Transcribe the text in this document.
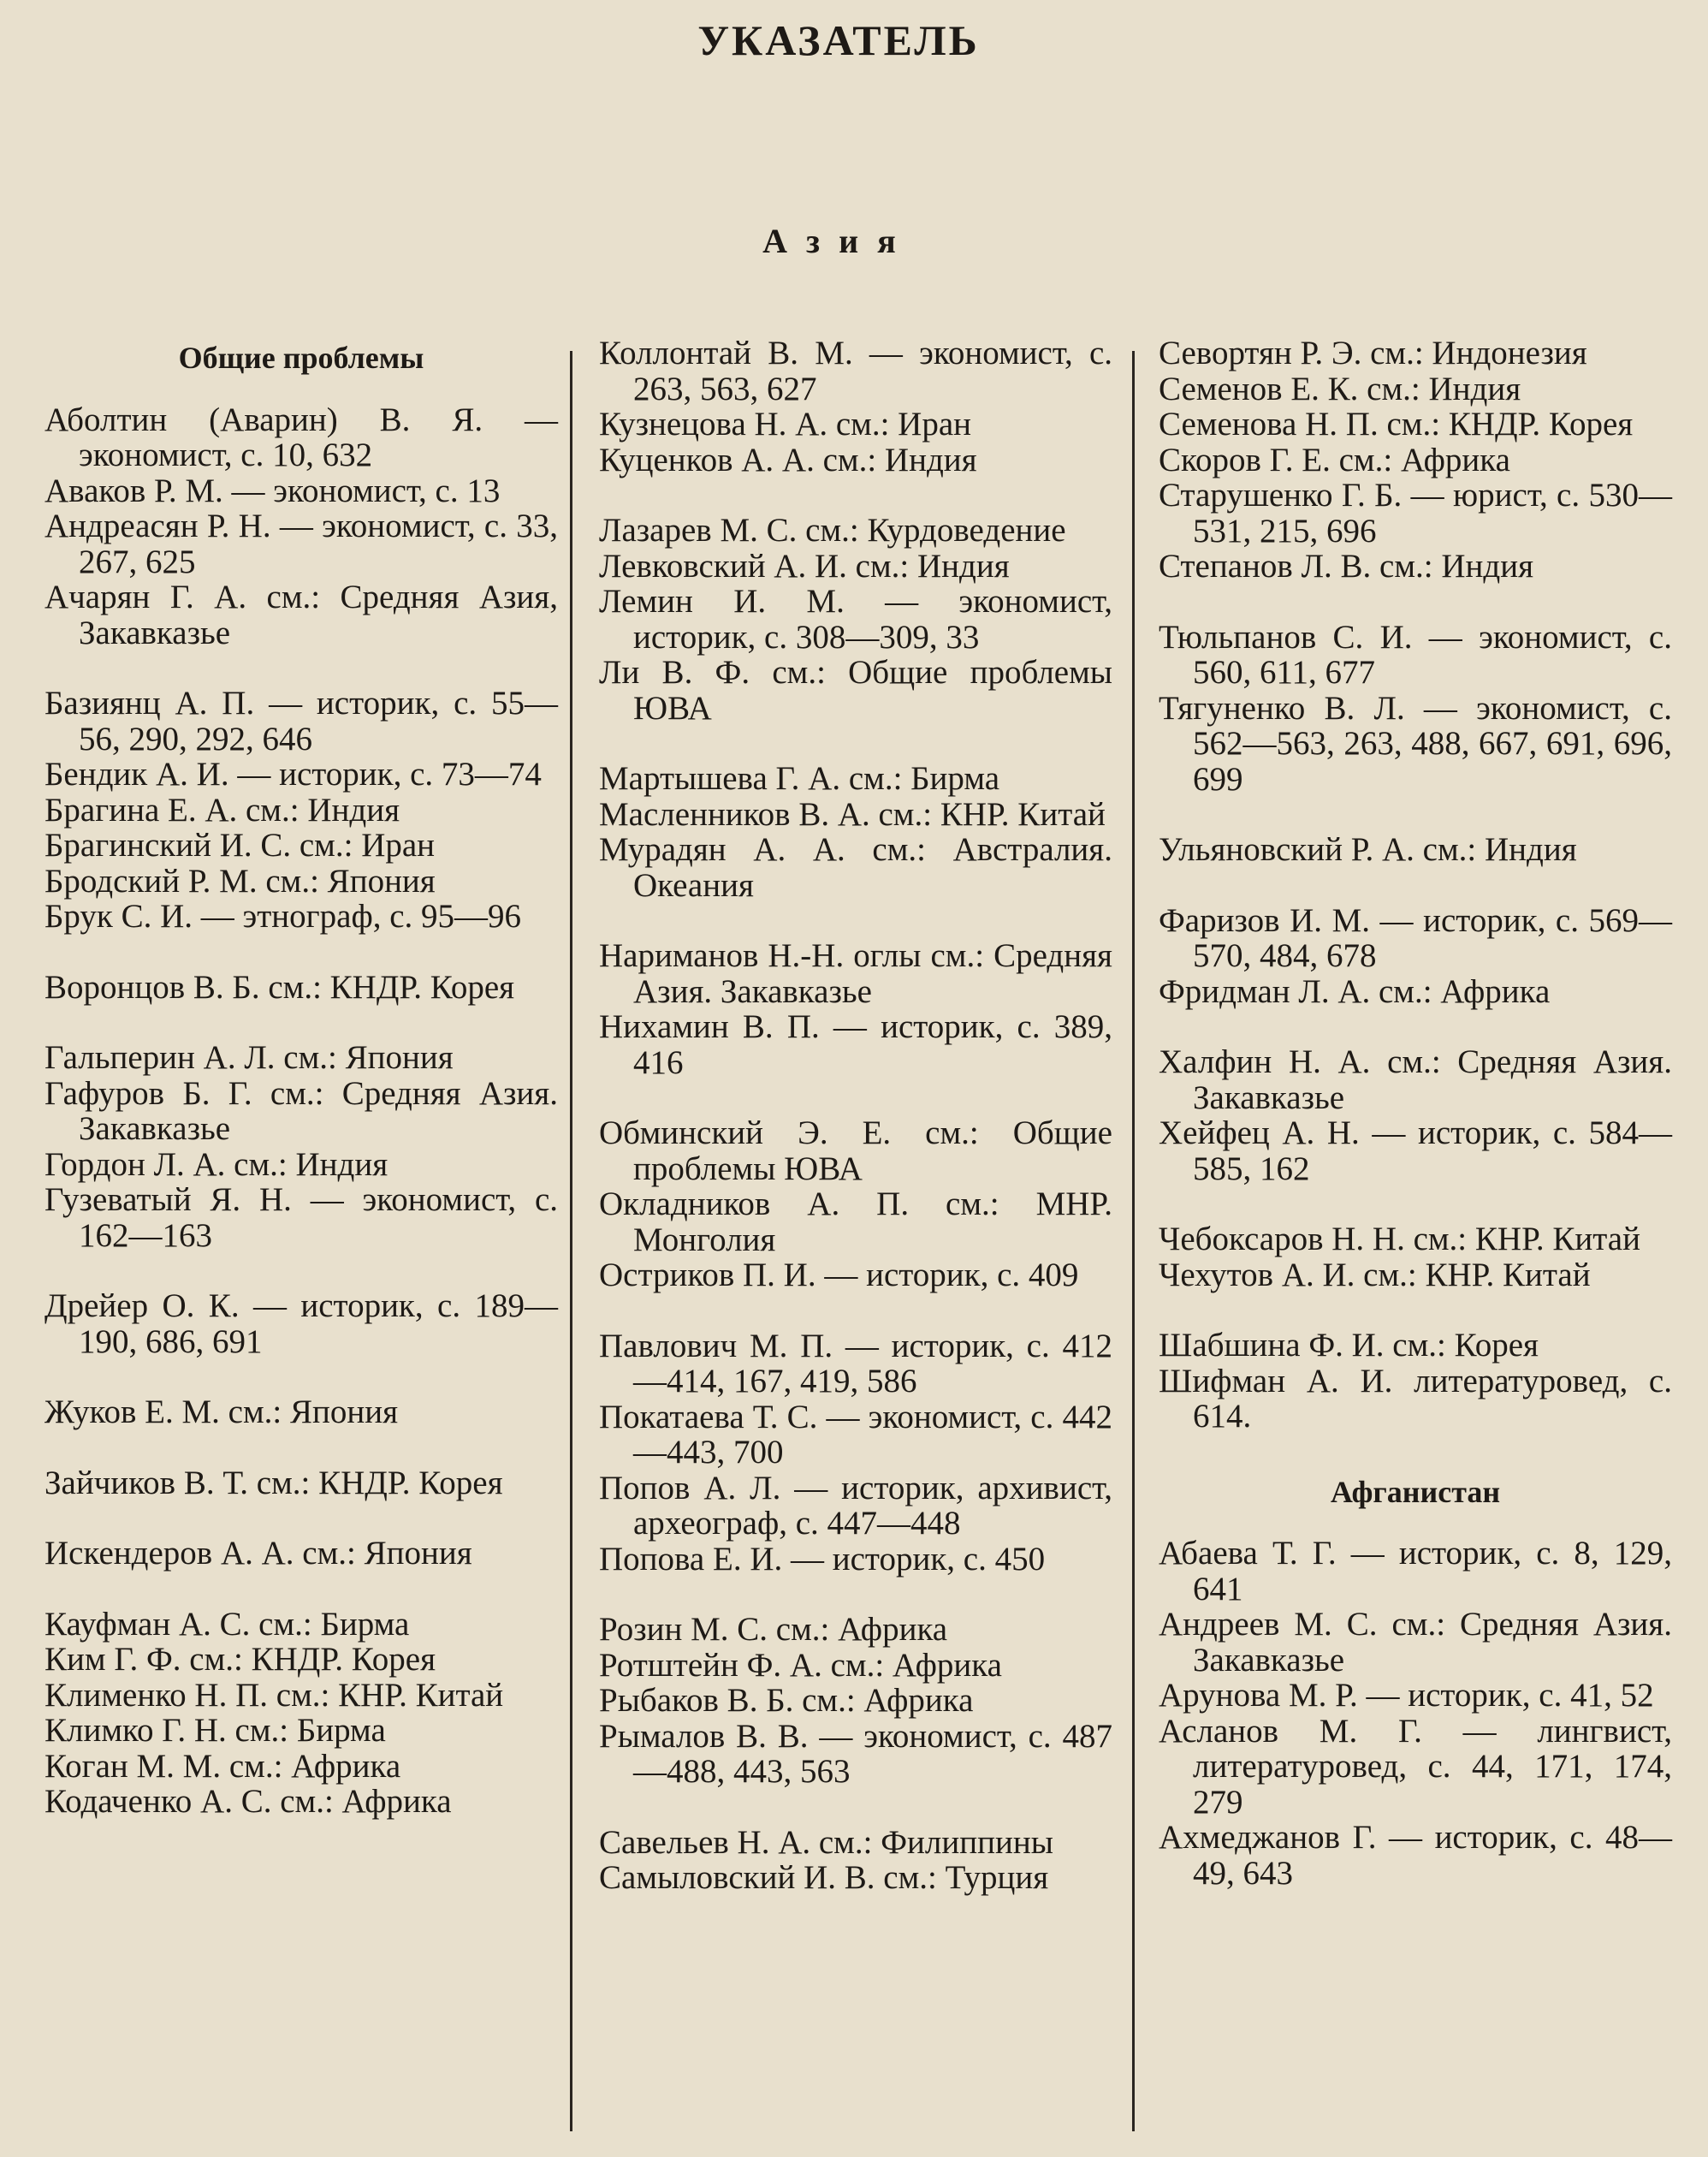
УКАЗАТЕЛЬ
Азия
Общие проблемы
Аболтин (Аварин) В. Я. — экономист, с. 10, 632
Аваков Р. М. — экономист, с. 13
Андреасян Р. Н. — экономист, с. 33, 267, 625
Ачарян Г. А. см.: Средняя Азия, Закавказье
Базиянц А. П. — историк, с. 55—56, 290, 292, 646
Бендик А. И. — историк, с. 73—74
Брагина Е. А. см.: Индия
Брагинский И. С. см.: Иран
Бродский Р. М. см.: Япония
Брук С. И. — этнограф, с. 95—96
Воронцов В. Б. см.: КНДР. Корея
Гальперин А. Л. см.: Япония
Гафуров Б. Г. см.: Средняя Азия. Закавказье
Гордон Л. А. см.: Индия
Гузеватый Я. Н. — экономист, с. 162—163
Дрейер О. К. — историк, с. 189—190, 686, 691
Жуков Е. М. см.: Япония
Зайчиков В. Т. см.: КНДР. Корея
Искендеров А. А. см.: Япония
Кауфман А. С. см.: Бирма
Ким Г. Ф. см.: КНДР. Корея
Клименко Н. П. см.: КНР. Китай
Климко Г. Н. см.: Бирма
Коган М. М. см.: Африка
Кодаченко А. С. см.: Африка
Коллонтай В. М. — экономист, с. 263, 563, 627
Кузнецова Н. А. см.: Иран
Куценков А. А. см.: Индия
Лазарев М. С. см.: Курдоведение
Левковский А. И. см.: Индия
Лемин И. М. — экономист, историк, с. 308—309, 33
Ли В. Ф. см.: Общие проблемы ЮВА
Мартышева Г. А. см.: Бирма
Масленников В. А. см.: КНР. Китай
Мурадян А. А. см.: Австралия. Океания
Нариманов Н.-Н. оглы см.: Средняя Азия. Закавказье
Нихамин В. П. — историк, с. 389, 416
Обминский Э. Е. см.: Общие проблемы ЮВА
Окладников А. П. см.: МНР. Монголия
Остриков П. И. — историк, с. 409
Павлович М. П. — историк, с. 412—414, 167, 419, 586
Покатаева Т. С. — экономист, с. 442—443, 700
Попов А. Л. — историк, архивист, археограф, с. 447—448
Попова Е. И. — историк, с. 450
Розин М. С. см.: Африка
Ротштейн Ф. А. см.: Африка
Рыбаков В. Б. см.: Африка
Рымалов В. В. — экономист, с. 487—488, 443, 563
Савельев Н. А. см.: Филиппины
Самыловский И. В. см.: Турция
Севортян Р. Э. см.: Индонезия
Семенов Е. К. см.: Индия
Семенова Н. П. см.: КНДР. Корея
Скоров Г. Е. см.: Африка
Старушенко Г. Б. — юрист, с. 530—531, 215, 696
Степанов Л. В. см.: Индия
Тюльпанов С. И. — экономист, с. 560, 611, 677
Тягуненко В. Л. — экономист, с. 562—563, 263, 488, 667, 691, 696, 699
Ульяновский Р. А. см.: Индия
Фаризов И. М. — историк, с. 569—570, 484, 678
Фридман Л. А. см.: Африка
Халфин Н. А. см.: Средняя Азия. Закавказье
Хейфец А. Н. — историк, с. 584—585, 162
Чебоксаров Н. Н. см.: КНР. Китай
Чехутов А. И. см.: КНР. Китай
Шабшина Ф. И. см.: Корея
Шифман А. И. литературовед, с. 614.
Афганистан
Абаева Т. Г. — историк, с. 8, 129, 641
Андреев М. С. см.: Средняя Азия. Закавказье
Арунова М. Р. — историк, с. 41, 52
Асланов М. Г. — лингвист, литературовед, с. 44, 171, 174, 279
Ахмеджанов Г. — историк, с. 48—49, 643
